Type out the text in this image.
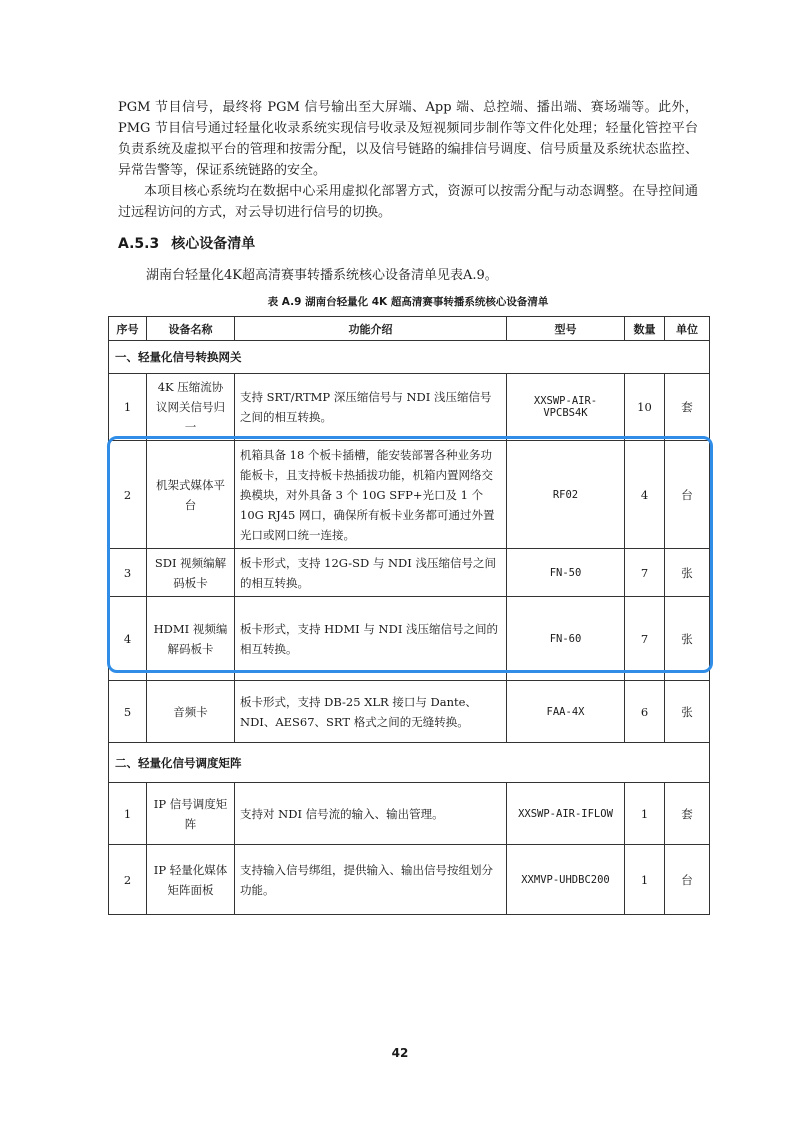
PGM 节目信号，最终将 PGM 信号输出至大屏端、App 端、总控端、播出端、赛场端等。此外，PMG 节目信号通过轻量化收录系统实现信号收录及短视频同步制作等文件化处理；轻量化管控平台负责系统及虚拟平台的管理和按需分配，以及信号链路的编排信号调度、信号质量及系统状态监控、异常告警等，保证系统链路的安全。
本项目核心系统均在数据中心采用虚拟化部署方式，资源可以按需分配与动态调整。在导控间通过远程访问的方式，对云导切进行信号的切换。
A.5.3 核心设备清单
湖南台轻量化4K超高清赛事转播系统核心设备清单见表A.9。
表 A.9 湖南台轻量化 4K 超高清赛事转播系统核心设备清单
序号	设备名称	功能介绍	型号	数量	单位
一、轻量化信号转换网关					
1	4K 压缩流协议网关信号归一	支持 SRT/RTMP 深压缩信号与 NDI 浅压缩信号之间的相互转换。	XXSWP-AIR-VPCBS4K	10	套
2	机架式媒体平台	机箱具备 18 个板卡插槽，能安装部署各种业务功能板卡，且支持板卡热插拔功能，机箱内置网络交换模块，对外具备 3 个 10G SFP+光口及 1 个 10G RJ45 网口，确保所有板卡业务都可通过外置光口或网口统一连接。	RF02	4	台
3	SDI 视频编解码板卡	板卡形式，支持 12G-SD 与 NDI 浅压缩信号之间的相互转换。	FN-50	7	张
4	HDMI 视频编解码板卡	板卡形式，支持 HDMI 与 NDI 浅压缩信号之间的相互转换。	FN-60	7	张
5	音频卡	板卡形式，支持 DB-25 XLR 接口与 Dante、NDI、AES67、SRT 格式之间的无缝转换。	FAA-4X	6	张
二、轻量化信号调度矩阵					
1	IP 信号调度矩阵	支持对 NDI 信号流的输入、输出管理。	XXSWP-AIR-IFLOW	1	套
2	IP 轻量化媒体矩阵面板	支持输入信号绑组，提供输入、输出信号按组划分功能。	XXMVP-UHDBC200	1	台
42
